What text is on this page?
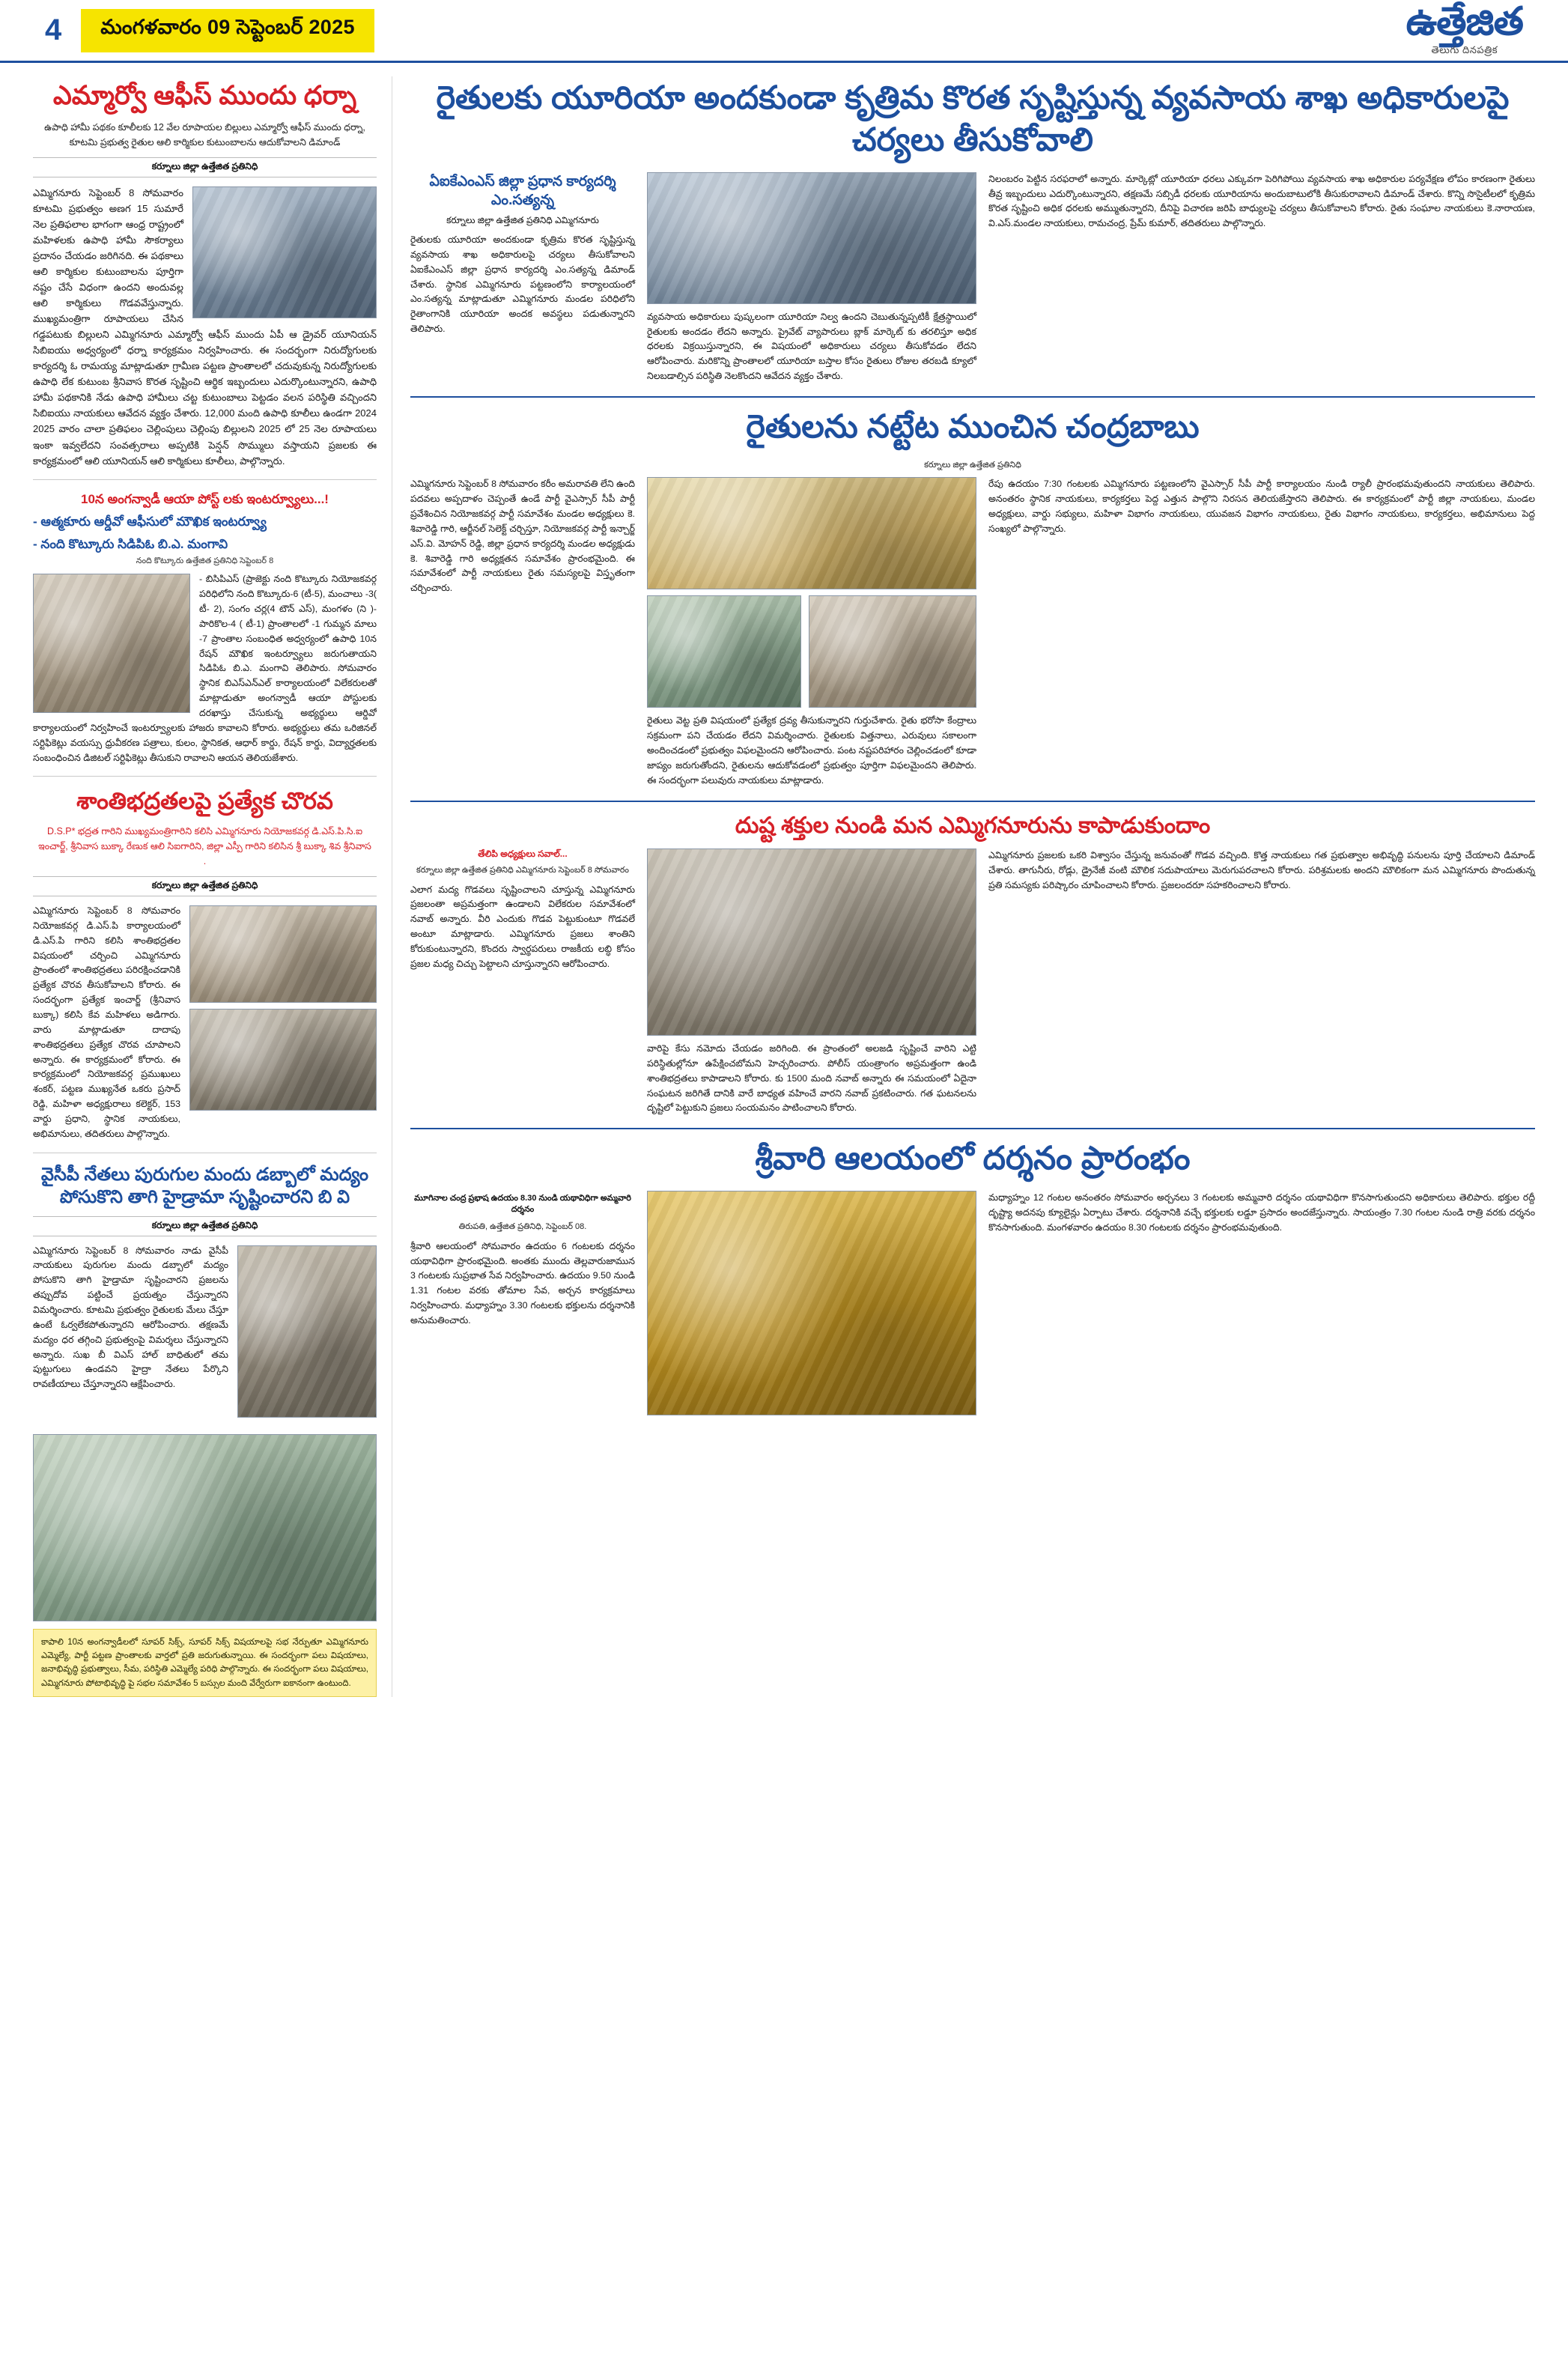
4	మంగళవారం 09 సెప్టెంబర్ 2025	ఉత్తేజిత
తెలుగు దినపత్రిక
ఎమ్మార్వో ఆఫీస్ ముందు ధర్నా
ఉపాధి హామీ పథకం కూలీలకు 12 వేల రూపాయల బిల్లులు ఎమ్మార్వో ఆఫీస్ ముందు ధర్నా, కూటమి ప్రభుత్వ రైతుల ఆలి కార్మికుల కుటుంబాలను ఆదుకోవాలని డిమాండ్
కర్నూలు జిల్లా ఉత్తేజిత ప్రతినిధి
ఎమ్మిగనూరు సెప్టెంబర్ 8 సోమవారం కూటమి ప్రభుత్వం అణగ 15 సుమారే నెల ప్రతిఫలాల భాగంగా ఆంధ్ర రాష్ట్రంలో మహిళలకు ఉపాధి హామీ సౌకర్యాలు ప్రదానం చేయడం జరిగినది. ఈ పథకాలు ఆలి కార్మికుల కుటుంబాలను పూర్తిగా నష్టం చేసే విధంగా ఉందని అందువల్ల ఆలి కార్మికులు గొడవవేస్తున్నారు. ముఖ్యమంత్రిగా రూపాయలు చేసిన గడ్డపటుకు బిల్లులని ఎమ్మిగనూరు ఎమ్మార్వో ఆఫీస్ ముందు ఏపీ ఆ డ్రైవర్ యూనియన్ సిబిఐయు అధ్వర్యంలో ధర్నా కార్యక్రమం నిర్వహించారు. ఈ సందర్భంగా నిరుద్యోగులకు కార్యదర్శి ఓ రామయ్య మాట్లాడుతూ గ్రామీణ పట్టణ ప్రాంతాలలో చదువుకున్న నిరుద్యోగులకు ఉపాధి లేక కుటుంబ శ్రీనివాస కొరత సృష్టించి ఆర్థిక ఇబ్బందులు ఎదుర్కొంటున్నారని, ఉపాధి హామీ పథకానికి నేడు ఉపాధి హామీలు చట్ట కుటుంబాలు పెట్టడం వలన పరిస్థితి వచ్చిందని సిబిఐయు నాయకులు ఆవేదన వ్యక్తం చేశారు. 12,000 మంది ఉపాధి కూలీలు ఉండగా 2024 2025 వారం చాలా ప్రతిఫలం చెల్లింపులు చెల్లింపు బిల్లులని 2025 లో 25 నెల రూపాయలు ఇంకా ఇవ్వలేదని సంవత్సరాలు అప్పటికి పెన్షన్ సొమ్ములు వస్తాయని ప్రజలకు ఈ కార్యక్రమంలో ఆలి యూనియన్ ఆలి కార్మికులు కూలీలు, పాల్గొన్నారు.
10న అంగన్వాడీ ఆయా పోస్ట్ లకు ఇంటర్వ్యూలు...!
- ఆత్మకూరు ఆర్డీవో ఆఫీసులో మౌఖిక ఇంటర్వ్యూ
- నంది కొట్కూరు సిడిపిఓ బి.ఎ. మంగావి
నంది కొట్కూరు ఉత్తేజిత ప్రతినిధి సెప్టెంబర్ 8
- బిసిపిఎస్ (ప్రాజెక్టు నంది కొట్కూరు నియోజకవర్గ పరిధిలోని నంది కొట్కూరు-6 (టీ-5), మంచాలు -3( టీ- 2), సంగం చర్ల(4 టౌన్ ఎస్), మంగళం (ని )- పారికొల-4 ( టీ-1) ప్రాంతాలలో -1 గుమ్మన మాలు -7 ప్రాంతాల సంబంధిత అధ్వర్యంలో ఉపాధి 10న రేషన్ మౌఖిక ఇంటర్వ్యూలు జరుగుతాయని సిడిపిఓ బి.ఎ. మంగావి తెలిపారు. సోమవారం స్థానిక బిఎస్ఎన్ఎల్ కార్యాలయంలో విలేకరులతో మాట్లాడుతూ అంగన్వాడీ ఆయా పోస్టులకు దరఖాస్తు చేసుకున్న అభ్యర్థులు ఆర్డివో కార్యాలయంలో నిర్వహించే ఇంటర్వ్యూలకు హాజరు కావాలని కోరారు. అభ్యర్థులు తమ ఒరిజినల్ సర్టిఫికెట్లు వయస్సు ధ్రువీకరణ పత్రాలు, కులం, స్థానికత, ఆధార్ కార్డు, రేషన్ కార్డు, విద్యార్హతలకు సంబంధించిన డిజిటల్ సర్టిఫికెట్లు తీసుకుని రావాలని ఆయన తెలియజేశారు.
శాంతిభద్రతలపై ప్రత్యేక చొరవ
D.S.P* భద్రత గారిని ముఖ్యమంత్రిగారిని కలిసి ఎమ్మిగనూరు నియోజకవర్గ డి.ఎస్.పి.సి.ఐ ఇంచార్జ్, శ్రీనివాస బుక్కా రేణుక ఆలి సిఐగారిని, జిల్లా ఎస్పీ గారిని కలిసిన శ్రీ బుక్కా శివ శ్రీనివాస .
కర్నూలు జిల్లా ఉత్తేజిత ప్రతినిధి
ఎమ్మిగనూరు సెప్టెంబర్ 8 సోమవారం నియోజకవర్గ డి.ఎస్.పి కార్యాలయంలో డి.ఎస్.పి గారిని కలిసి శాంతిభద్రతల విషయంలో చర్చించి ఎమ్మిగనూరు ప్రాంతంలో శాంతిభద్రతలు పరిరక్షించడానికి ప్రత్యేక చొరవ తీసుకోవాలని కోరారు. ఈ సందర్భంగా ప్రత్యేక ఇంచార్జ్ (శ్రీనివాస బుక్కా) కలిసి కేవ మహిళలు అడిగారు. వారు మాట్లాడుతూ దాదాపు శాంతిభద్రతలు ప్రత్యేక చొరవ చూపాలని అన్నారు. ఈ కార్యక్రమంలో కోరారు. ఈ కార్యక్రమంలో నియోజకవర్గ ప్రముఖులు శంకర్, పట్టణ ముఖ్యనేత ఒకరు ప్రసాద్ రెడ్డి, మహిళా అధ్యక్షురాలు కలెక్టర్, 153 వార్డు ప్రధాని, స్థానిక నాయకులు, అభిమానులు, తదితరులు పాల్గొన్నారు.
వైసీపీ నేతలు పురుగుల మందు డబ్బాలో మద్యం పోసుకొని తాగి హైడ్రామా సృష్టించారని బి వి
కర్నూలు జిల్లా ఉత్తేజిత ప్రతినిధి
ఎమ్మిగనూరు సెప్టెంబర్ 8 సోమవారం నాడు వైసీపీ నాయకులు పురుగుల మందు డబ్బాలో మద్యం పోసుకొని తాగి హైడ్రామా సృష్టించారని ప్రజలను తప్పుదోవ పట్టించే ప్రయత్నం చేస్తున్నారని విమర్శించారు. కూటమి ప్రభుత్వం రైతులకు మేలు చేస్తూ ఉంటే ఓర్వలేకపోతున్నారని ఆరోపించారు. తక్షణమే మద్యం ధర తగ్గించి ప్రభుత్వంపై విమర్శలు చేస్తున్నారని అన్నారు. సుఖ బీ విఎస్ హాల్ బాధితులో తమ పుట్టుగులు ఉండవని హైద్రా నేతలు పేర్కొని రావణీయాలు చేస్తూన్నారని ఆక్షేపించారు.
కాపాలి 10న అంగన్వాడీలలో సూపర్ సిక్స్, సూపర్ సిక్స్ విషయాలపై సభ నేర్పుతూ ఎమ్మిగనూరు ఎమ్మెల్యే, పార్టీ పట్టణ ప్రాంతాలకు వార్తలో ప్రతి జరుగుతున్నాయి. ఈ సందర్భంగా పలు విషయాలు, జనాభివృద్ధి ప్రభుత్వాలు, సీమ, పరిస్థితి ఎమ్మెల్యే పరిధి పాల్గొన్నారు. ఈ సందర్భంగా పలు విషయాలు, ఎమ్మిగనూరు పోటాభివృద్ధి పై సభల సమావేశం 5 బస్సుల మంది వేర్వేరుగా ఐకానంగా ఉంటుంది.
రైతులకు యూరియా అందకుండా కృత్రిమ కొరత సృష్టిస్తున్న వ్యవసాయ శాఖ అధికారులపై చర్యలు తీసుకోవాలి
ఏఐకేఎంఎస్ జిల్లా ప్రధాన కార్యదర్శి ఎం.సత్యన్న
కర్నూలు జిల్లా ఉత్తేజిత ప్రతినిధి ఎమ్మిగనూరు
రైతులకు యూరియా అందకుండా కృత్రిమ కొరత సృష్టిస్తున్న వ్యవసాయ శాఖ అధికారులపై చర్యలు తీసుకోవాలని ఏఐకేఎంఎస్ జిల్లా ప్రధాన కార్యదర్శి ఎం.సత్యన్న డిమాండ్ చేశారు. స్థానిక ఎమ్మిగనూరు పట్టణంలోని కార్యాలయంలో ఎం.సత్యన్న మాట్లాడుతూ ఎమ్మిగనూరు మండల పరిధిలోని రైతాంగానికి యూరియా అందక అవస్థలు పడుతున్నారని తెలిపారు.
వ్యవసాయ అధికారులు పుష్కలంగా యూరియా నిల్వ ఉందని చెబుతున్నప్పటికీ క్షేత్రస్థాయిలో రైతులకు అందడం లేదని అన్నారు. ప్రైవేట్ వ్యాపారులు బ్లాక్ మార్కెట్ కు తరలిస్తూ అధిక ధరలకు విక్రయిస్తున్నారని, ఈ విషయంలో అధికారులు చర్యలు తీసుకోవడం లేదని ఆరోపించారు. మరికొన్ని ప్రాంతాలలో యూరియా బస్తాల కోసం రైతులు రోజుల తరబడి క్యూలో నిలబడాల్సిన పరిస్థితి నెలకొందని ఆవేదన వ్యక్తం చేశారు.
నిలంబరం పెట్టిన సరఫరాలో అన్నారు. మార్కెట్లో యూరియా ధరలు ఎక్కువగా పెరిగిపోయి వ్యవసాయ శాఖ అధికారుల పర్యవేక్షణ లోపం కారణంగా రైతులు తీవ్ర ఇబ్బందులు ఎదుర్కొంటున్నారని, తక్షణమే సబ్సిడీ ధరలకు యూరియాను అందుబాటులోకి తీసుకురావాలని డిమాండ్ చేశారు. కొన్ని సొసైటీలలో కృత్రిమ కొరత సృష్టించి అధిక ధరలకు అమ్ముతున్నారని, దీనిపై విచారణ జరిపి బాధ్యులపై చర్యలు తీసుకోవాలని కోరారు. రైతు సంఘాల నాయకులు కె.నారాయణ, వి.ఎస్.మండల నాయకులు, రామచంద్ర, ప్రేమ్ కుమార్, తదితరులు పాల్గొన్నారు.
రైతులను నట్టేట ముంచిన చంద్రబాబు
కర్నూలు జిల్లా ఉత్తేజిత ప్రతినిధి
ఎమ్మిగనూరు సెప్టెంబర్ 8 సోమవారం కరీం అమరావతి లేని ఉంది పదవలు అప్పదాళం చెప్పంతే ఉండే పార్టీ వైఎస్సార్ సీపీ పార్టీ ప్రవేశించిన నియోజకవర్గ పార్టీ సమావేశం మండల అధ్యక్షులు కె. శివారెడ్డి గారి, ఆర్జీనల్ సెలెక్ట్ చర్చిస్తూ, నియోజకవర్గ పార్టీ ఇన్చార్జ్ ఎస్.వి. మోహన్ రెడ్డి, జిల్లా ప్రధాన కార్యదర్శి మండల అధ్యక్షుడు కె. శివారెడ్డి గారి అధ్యక్షతన సమావేశం ప్రారంభమైంది. ఈ సమావేశంలో పార్టీ నాయకులు రైతు సమస్యలపై విస్తృతంగా చర్చించారు.
రైతులు వెట్ట ప్రతి విషయంలో ప్రత్యేక ద్రవ్య తీసుకున్నారని గుర్తుచేశారు. రైతు భరోసా కేంద్రాలు సక్రమంగా పని చేయడం లేదని విమర్శించారు. రైతులకు విత్తనాలు, ఎరువులు సకాలంగా అందించడంలో ప్రభుత్వం విఫలమైందని ఆరోపించారు. పంట నష్టపరిహారం చెల్లించడంలో కూడా జాప్యం జరుగుతోందని, రైతులను ఆదుకోవడంలో ప్రభుత్వం పూర్తిగా విఫలమైందని తెలిపారు. ఈ సందర్భంగా పలువురు నాయకులు మాట్లాడారు.
రేపు ఉదయం 7:30 గంటలకు ఎమ్మిగనూరు పట్టణంలోని వైఎస్సార్ సీపీ పార్టీ కార్యాలయం నుండి ర్యాలీ ప్రారంభమవుతుందని నాయకులు తెలిపారు. అనంతరం స్థానిక నాయకులు, కార్యకర్తలు పెద్ద ఎత్తున పాల్గొని నిరసన తెలియజేస్తారని తెలిపారు. ఈ కార్యక్రమంలో పార్టీ జిల్లా నాయకులు, మండల అధ్యక్షులు, వార్డు సభ్యులు, మహిళా విభాగం నాయకులు, యువజన విభాగం నాయకులు, రైతు విభాగం నాయకులు, కార్యకర్తలు, అభిమానులు పెద్ద సంఖ్యలో పాల్గొన్నారు.
దుష్ట శక్తుల నుండి మన ఎమ్మిగనూరును కాపాడుకుందాం
తేలిపి అధ్యక్షులు సవాల్...
కర్నూలు జిల్లా ఉత్తేజిత ప్రతినిధి ఎమ్మిగనూరు సెప్టెంబర్ 8 సోమవారం
ఎలాగ మద్య గొడవలు సృష్టించాలని చూస్తున్న ఎమ్మిగనూరు ప్రజలంతా అప్రమత్తంగా ఉండాలని విలేకరుల సమావేశంలో నవాబ్ అన్నారు. వీరి ఎందుకు గొడవ పెట్టుకుంటూ గొడవలే అంటూ మాట్లాడారు. ఎమ్మిగనూరు ప్రజలు శాంతిని కోరుకుంటున్నారని, కొందరు స్వార్థపరులు రాజకీయ లబ్ధి కోసం ప్రజల మధ్య చిచ్చు పెట్టాలని చూస్తున్నారని ఆరోపించారు.
వారిపై కేసు నమోదు చేయడం జరిగింది. ఈ ప్రాంతంలో అలజడి సృష్టించే వారిని ఎట్టి పరిస్థితుల్లోనూ ఉపేక్షించబోమని హెచ్చరించారు. పోలీస్ యంత్రాంగం అప్రమత్తంగా ఉండి శాంతిభద్రతలు కాపాడాలని కోరారు. కు 1500 మంది నవాబ్ అన్నారు ఈ సమయంలో ఏదైనా సంఘటన జరిగితే దానికి వారే బాధ్యత వహించే వారని నవాబ్ ప్రకటించారు. గత ఘటనలను దృష్టిలో పెట్టుకుని ప్రజలు సంయమనం పాటించాలని కోరారు.
ఎమ్మిగనూరు ప్రజలకు ఒకరి విశ్వాసం చేస్తున్న జనువంతో గొడవ వచ్చింది. కొత్త నాయకులు గత ప్రభుత్వాల అభివృద్ధి పనులను పూర్తి చేయాలని డిమాండ్ చేశారు. తాగునీరు, రోడ్లు, డ్రైనేజీ వంటి మౌలిక సదుపాయాలు మెరుగుపరచాలని కోరారు. పరిశ్రమలకు అందని మౌలికంగా మన ఎమ్మిగనూరు పొందుతున్న ప్రతి సమస్యకు పరిష్కారం చూపించాలని కోరారు. ప్రజలందరూ సహకరించాలని కోరారు.
శ్రీవారి ఆలయంలో దర్శనం ప్రారంభం
మూగినాల చంద్ర ప్రభాష ఉదయం 8.30 నుండి యథావిధిగా అమ్మవారి దర్శనం
తిరుపతి, ఉత్తేజిత ప్రతినిధి, సెప్టెంబర్ 08.
శ్రీవారి ఆలయంలో సోమవారం ఉదయం 6 గంటలకు దర్శనం యథావిధిగా ప్రారంభమైంది. అంతకు ముందు తెల్లవారుజామున 3 గంటలకు సుప్రభాత సేవ నిర్వహించారు. ఉదయం 9.50 నుండి 1.31 గంటల వరకు తోమాల సేవ, అర్చన కార్యక్రమాలు నిర్వహించారు. మధ్యాహ్నం 3.30 గంటలకు భక్తులను దర్శనానికి అనుమతించారు.
మధ్యాహ్నం 12 గంటల అనంతరం సోమవారం అర్చనలు 3 గంటలకు అమ్మవారి దర్శనం యథావిధిగా కొనసాగుతుందని అధికారులు తెలిపారు. భక్తుల రద్దీ దృష్ట్యా అదనపు క్యూలైన్లు ఏర్పాటు చేశారు. దర్శనానికి వచ్చే భక్తులకు లడ్డూ ప్రసాదం అందజేస్తున్నారు. సాయంత్రం 7.30 గంటల నుండి రాత్రి వరకు దర్శనం కొనసాగుతుంది. మంగళవారం ఉదయం 8.30 గంటలకు దర్శనం ప్రారంభమవుతుంది.
